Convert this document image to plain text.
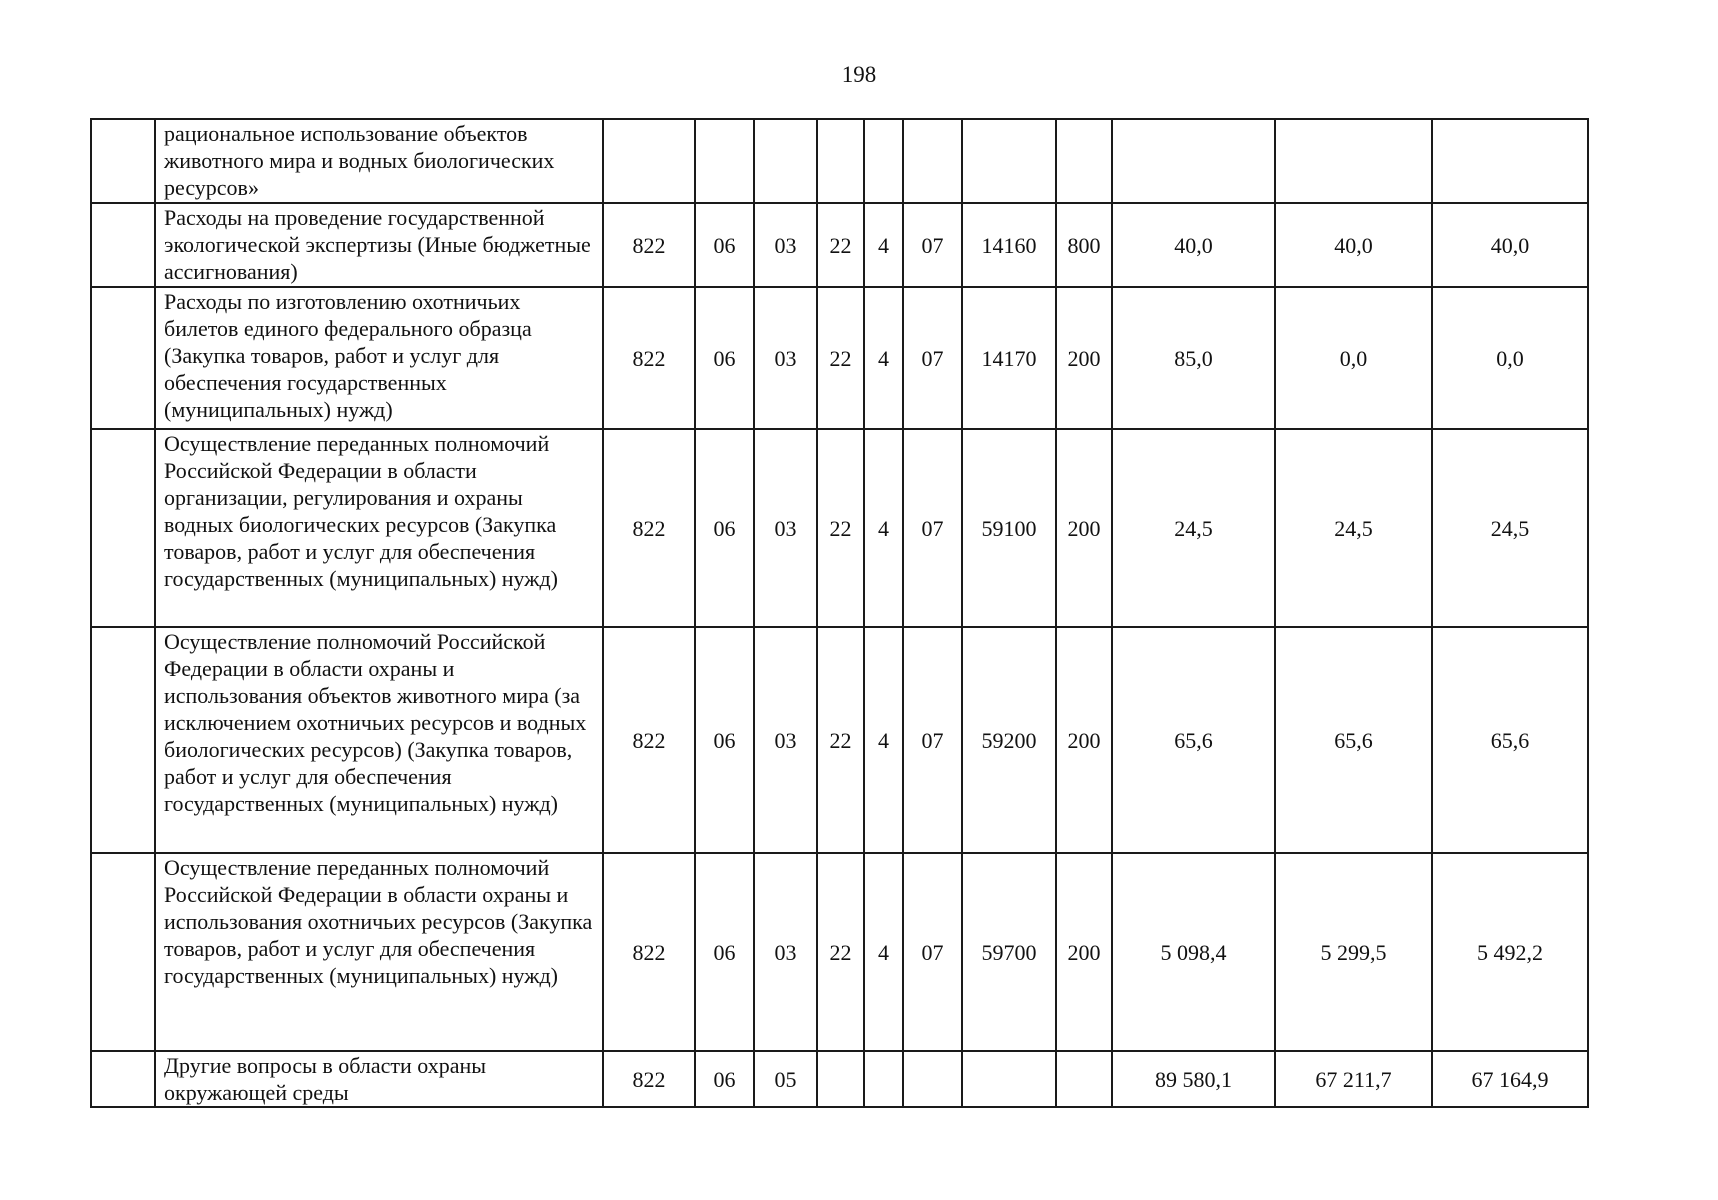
198
	рациональное использование объектов животного мира и водных биологических ресурсов»											
	Расходы на проведение государственной экологической экспертизы (Иные бюджетные ассигнования)	822	06	03	22	4	07	14160	800	40,0	40,0	40,0
	Расходы по изготовлению охотничьих билетов единого федерального образца (Закупка товаров, работ и услуг для обеспечения государственных (муниципальных) нужд)	822	06	03	22	4	07	14170	200	85,0	0,0	0,0
	Осуществление переданных полномочий Российской Федерации в области организации, регулирования и охраны водных биологических ресурсов (Закупка товаров, работ и услуг для обеспечения государственных (муниципальных) нужд)	822	06	03	22	4	07	59100	200	24,5	24,5	24,5
	Осуществление полномочий Российской Федерации в области охраны и использования объектов животного мира (за исключением охотничьих ресурсов и водных биологических ресурсов) (Закупка товаров, работ и услуг для обеспечения государственных (муниципальных) нужд)	822	06	03	22	4	07	59200	200	65,6	65,6	65,6
	Осуществление переданных полномочий Российской Федерации в области охраны и использования охотничьих ресурсов (Закупка товаров, работ и услуг для обеспечения государственных (муниципальных) нужд)	822	06	03	22	4	07	59700	200	5 098,4	5 299,5	5 492,2
	Другие вопросы в области охраны окружающей среды	822	06	05						89 580,1	67 211,7	67 164,9
